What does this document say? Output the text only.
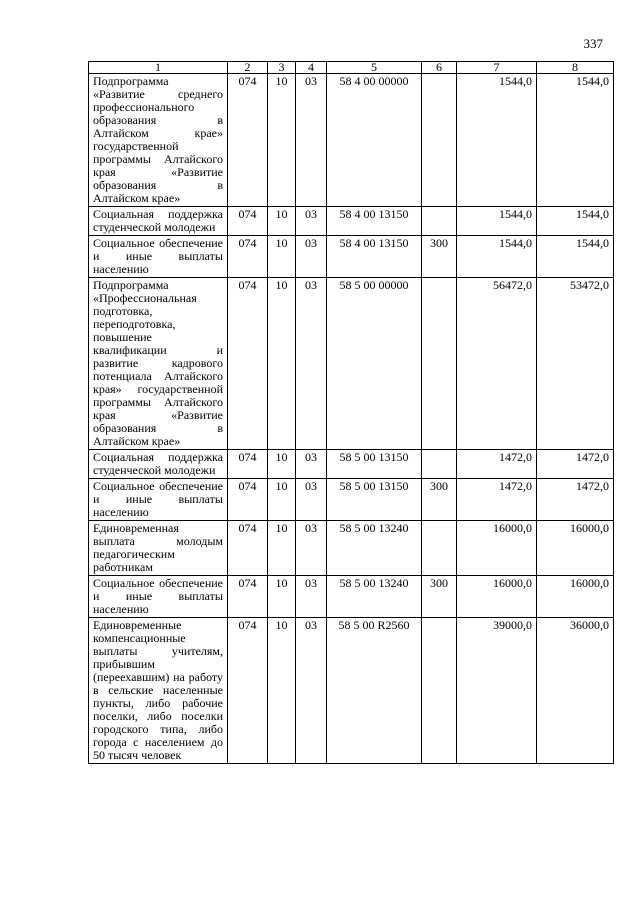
337
1	2	3	4	5	6	7	8
Подпрограмма «Развитие среднего профессионального образования в Алтайском крае» государственной программы Алтайского края «Развитие образования в Алтайском крае»	074	10	03	58 4 00 00000		1544,0	1544,0
Социальная поддержка студенческой молодежи	074	10	03	58 4 00 13150		1544,0	1544,0
Социальное обеспечение и иные выплаты населению	074	10	03	58 4 00 13150	300	1544,0	1544,0
Подпрограмма «Профессиональная подготовка, переподготовка, повышение квалификации и развитие кадрового потенциала Алтайского края» государственной программы Алтайского края «Развитие образования в Алтайском крае»	074	10	03	58 5 00 00000		56472,0	53472,0
Социальная поддержка студенческой молодежи	074	10	03	58 5 00 13150		1472,0	1472,0
Социальное обеспечение и иные выплаты населению	074	10	03	58 5 00 13150	300	1472,0	1472,0
Единовременная выплата молодым педагогическим работникам	074	10	03	58 5 00 13240		16000,0	16000,0
Социальное обеспечение и иные выплаты населению	074	10	03	58 5 00 13240	300	16000,0	16000,0
Единовременные компенсационные выплаты учителям, прибывшим (переехавшим) на работу в сельские населенные пункты, либо рабочие поселки, либо поселки городского типа, либо города с населением до 50 тысяч человек	074	10	03	58 5 00 R2560		39000,0	36000,0
